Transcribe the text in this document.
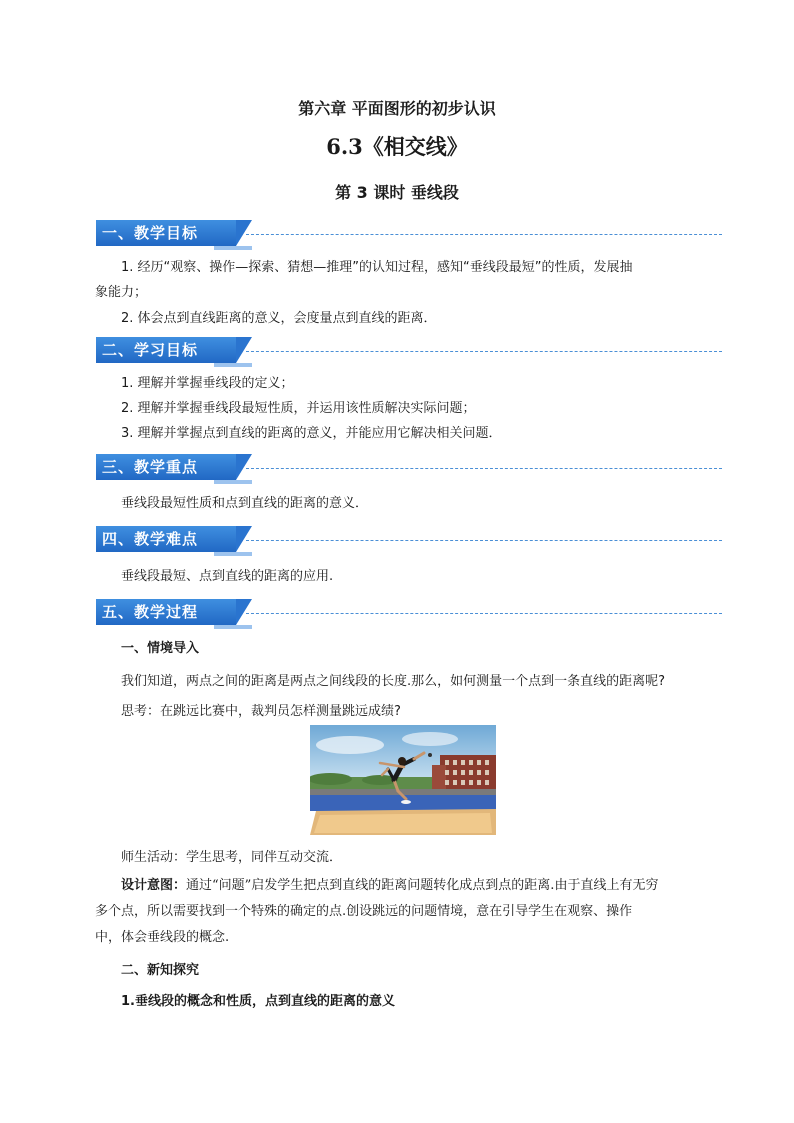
第六章 平面图形的初步认识
6.3《相交线》
第 3 课时 垂线段
一、教学目标
1. 经历“观察、操作—探索、猜想—推理”的认知过程，感知“垂线段最短”的性质，发展抽
象能力；
2. 体会点到直线距离的意义，会度量点到直线的距离．
二、学习目标
1. 理解并掌握垂线段的定义；
2. 理解并掌握垂线段最短性质，并运用该性质解决实际问题；
3. 理解并掌握点到直线的距离的意义，并能应用它解决相关问题．
三、教学重点
垂线段最短性质和点到直线的距离的意义．
四、教学难点
垂线段最短、点到直线的距离的应用.
五、教学过程
一、情境导入
我们知道，两点之间的距离是两点之间线段的长度.那么，如何测量一个点到一条直线的距离呢?
思考：在跳远比赛中，裁判员怎样测量跳远成绩?
师生活动：学生思考，同伴互动交流．
设计意图：通过“问题”启发学生把点到直线的距离问题转化成点到点的距离.由于直线上有无穷
多个点，所以需要找到一个特殊的确定的点.创设跳远的问题情境，意在引导学生在观察、操作
中，体会垂线段的概念.
二、新知探究
1.垂线段的概念和性质，点到直线的距离的意义
